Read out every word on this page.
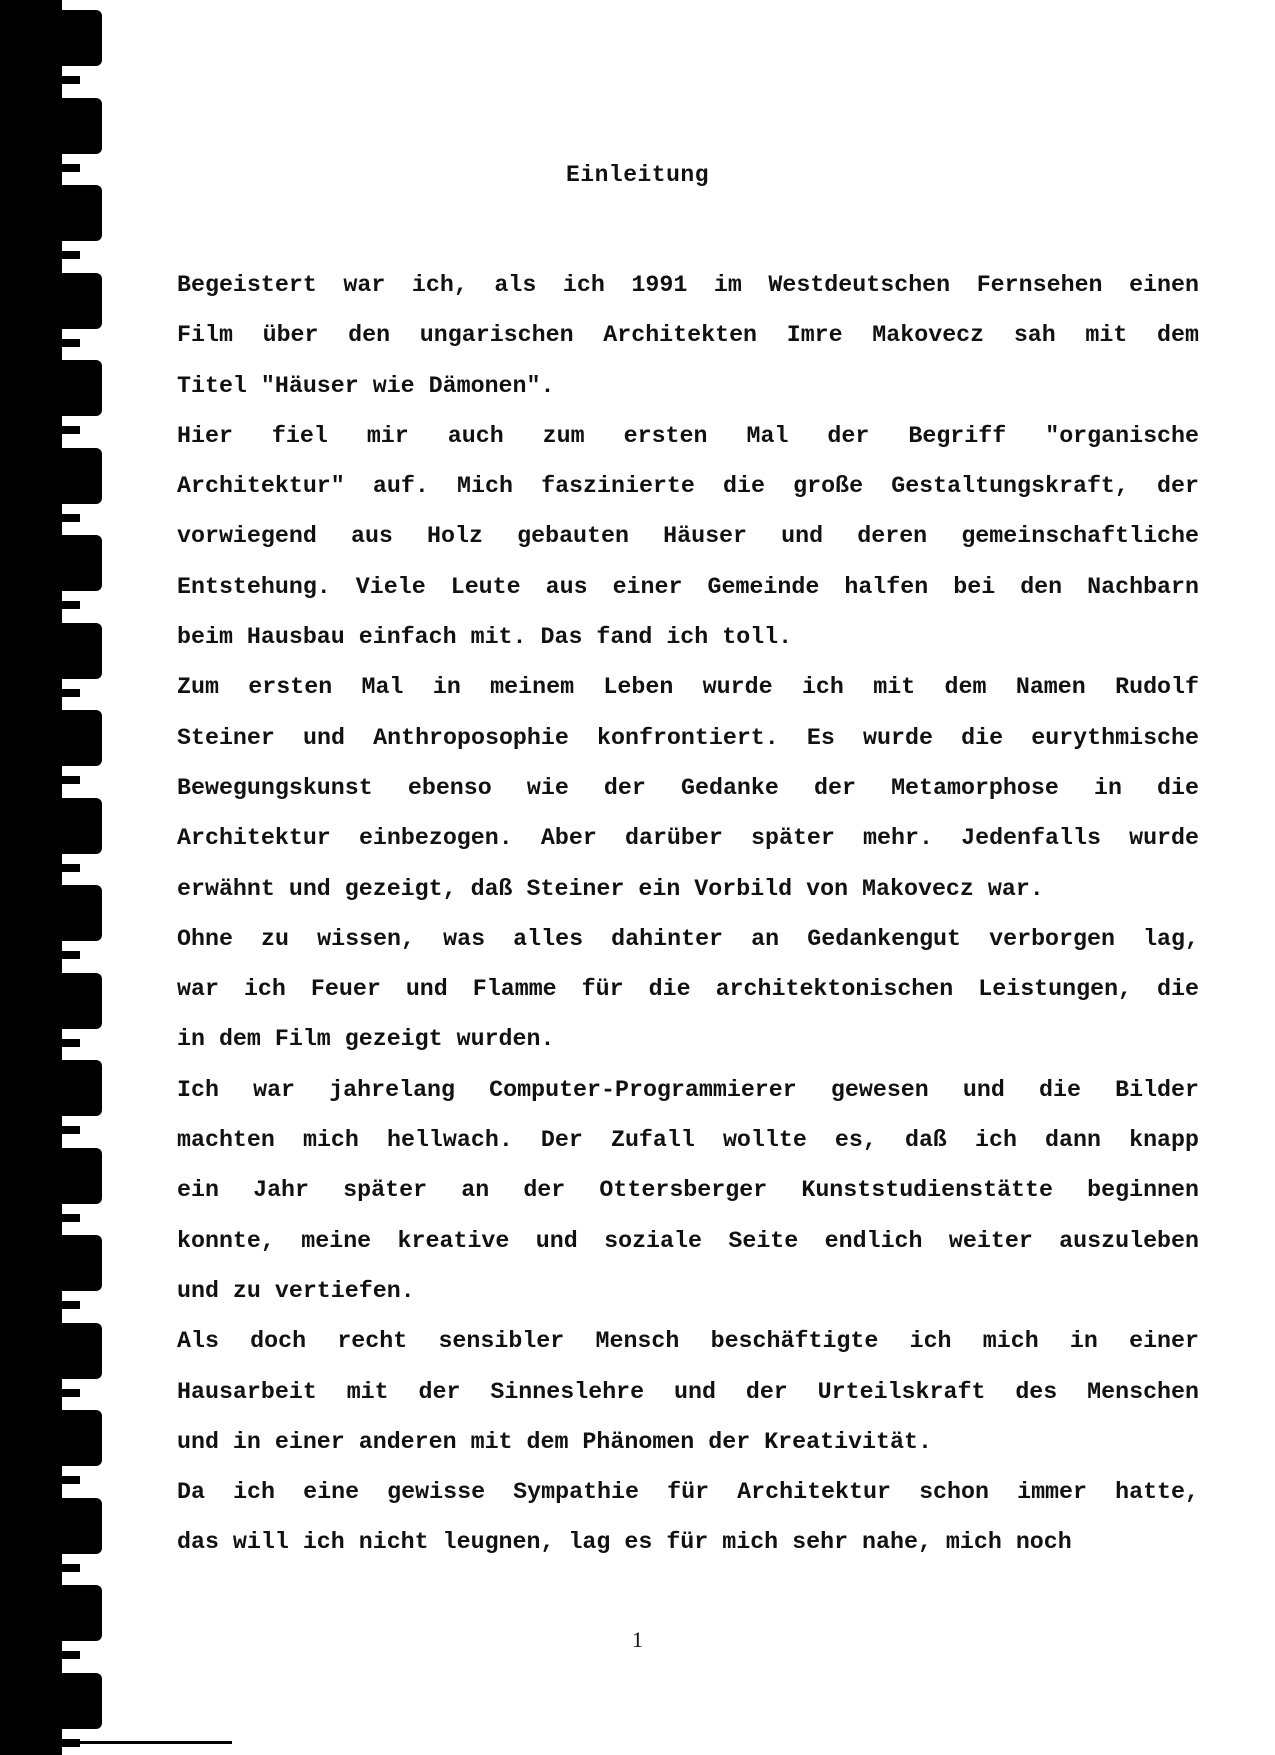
Einleitung
Begeistert war ich, als ich 1991 im Westdeutschen Fernsehen einen
Film über den ungarischen Architekten Imre Makovecz sah mit dem
Titel "Häuser wie Dämonen".
Hier fiel mir auch zum ersten Mal der Begriff "organische
Architektur" auf. Mich faszinierte die große Gestaltungskraft, der
vorwiegend aus Holz gebauten Häuser und deren gemeinschaftliche
Entstehung. Viele Leute aus einer Gemeinde halfen bei den Nachbarn
beim Hausbau einfach mit. Das fand ich toll.
Zum ersten Mal in meinem Leben wurde ich mit dem Namen Rudolf
Steiner und Anthroposophie konfrontiert. Es wurde die eurythmische
Bewegungskunst ebenso wie der Gedanke der Metamorphose in die
Architektur einbezogen. Aber darüber später mehr. Jedenfalls wurde
erwähnt und gezeigt, daß Steiner ein Vorbild von Makovecz war.
Ohne zu wissen, was alles dahinter an Gedankengut verborgen lag,
war ich Feuer und Flamme für die architektonischen Leistungen, die
in dem Film gezeigt wurden.
Ich war jahrelang Computer-Programmierer gewesen und die Bilder
machten mich hellwach. Der Zufall wollte es, daß ich dann knapp
ein Jahr später an der Ottersberger Kunststudienstätte beginnen
konnte, meine kreative und soziale Seite endlich weiter auszuleben
und zu vertiefen.
Als doch recht sensibler Mensch beschäftigte ich mich in einer
Hausarbeit mit der Sinneslehre und der Urteilskraft des Menschen
und in einer anderen mit dem Phänomen der Kreativität.
Da ich eine gewisse Sympathie für Architektur schon immer hatte,
das will ich nicht leugnen, lag es für mich sehr nahe, mich noch
1
